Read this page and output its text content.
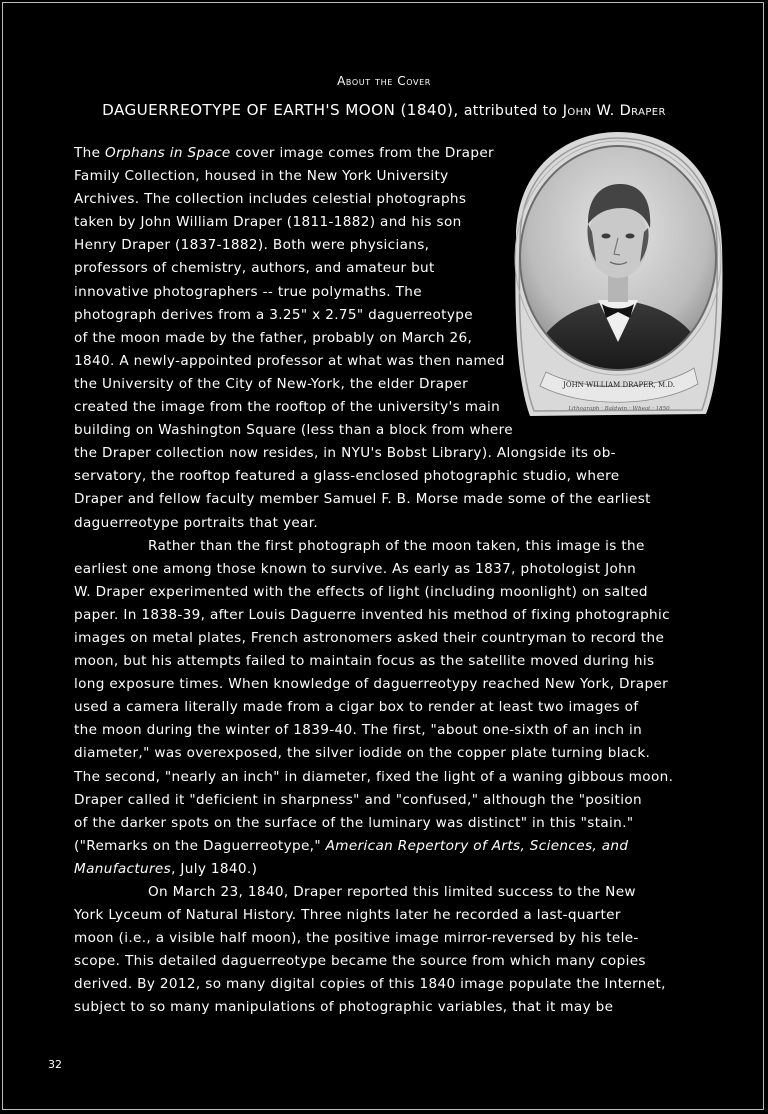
About the Cover
DAGUERREOTYPE OF EARTH'S MOON (1840), attributed to John W. Draper
JOHN WILLIAM DRAPER, M.D.
Lithograph · Baldwin · Wheat · 1850
The Orphans in Space cover image comes from the Draper
Family Collection, housed in the New York University
Archives. The collection includes celestial photographs
taken by John William Draper (1811-1882) and his son
Henry Draper (1837-1882). Both were physicians,
professors of chemistry, authors, and amateur but
innovative photographers -- true polymaths. The
photograph derives from a 3.25" x 2.75" daguerreotype
of the moon made by the father, probably on March 26,
1840. A newly-appointed professor at what was then named
the University of the City of New-York, the elder Draper
created the image from the rooftop of the university's main
building on Washington Square (less than a block from where
the Draper collection now resides, in NYU's Bobst Library). Alongside its ob-
servatory, the rooftop featured a glass-enclosed photographic studio, where
Draper and fellow faculty member Samuel F. B. Morse made some of the earliest
daguerreotype portraits that year.
Rather than the first photograph of the moon taken, this image is the
earliest one among those known to survive. As early as 1837, photologist John
W. Draper experimented with the effects of light (including moonlight) on salted
paper. In 1838-39, after Louis Daguerre invented his method of fixing photographic
images on metal plates, French astronomers asked their countryman to record the
moon, but his attempts failed to maintain focus as the satellite moved during his
long exposure times. When knowledge of daguerreotypy reached New York, Draper
used a camera literally made from a cigar box to render at least two images of
the moon during the winter of 1839-40. The first, "about one-sixth of an inch in
diameter," was overexposed, the silver iodide on the copper plate turning black.
The second, "nearly an inch" in diameter, fixed the light of a waning gibbous moon.
Draper called it "deficient in sharpness" and "confused," although the "position
of the darker spots on the surface of the luminary was distinct" in this "stain."
("Remarks on the Daguerreotype," American Repertory of Arts, Sciences, and
Manufactures, July 1840.)
On March 23, 1840, Draper reported this limited success to the New
York Lyceum of Natural History. Three nights later he recorded a last-quarter
moon (i.e., a visible half moon), the positive image mirror-reversed by his tele-
scope. This detailed daguerreotype became the source from which many copies
derived. By 2012, so many digital copies of this 1840 image populate the Internet,
subject to so many manipulations of photographic variables, that it may be
32
